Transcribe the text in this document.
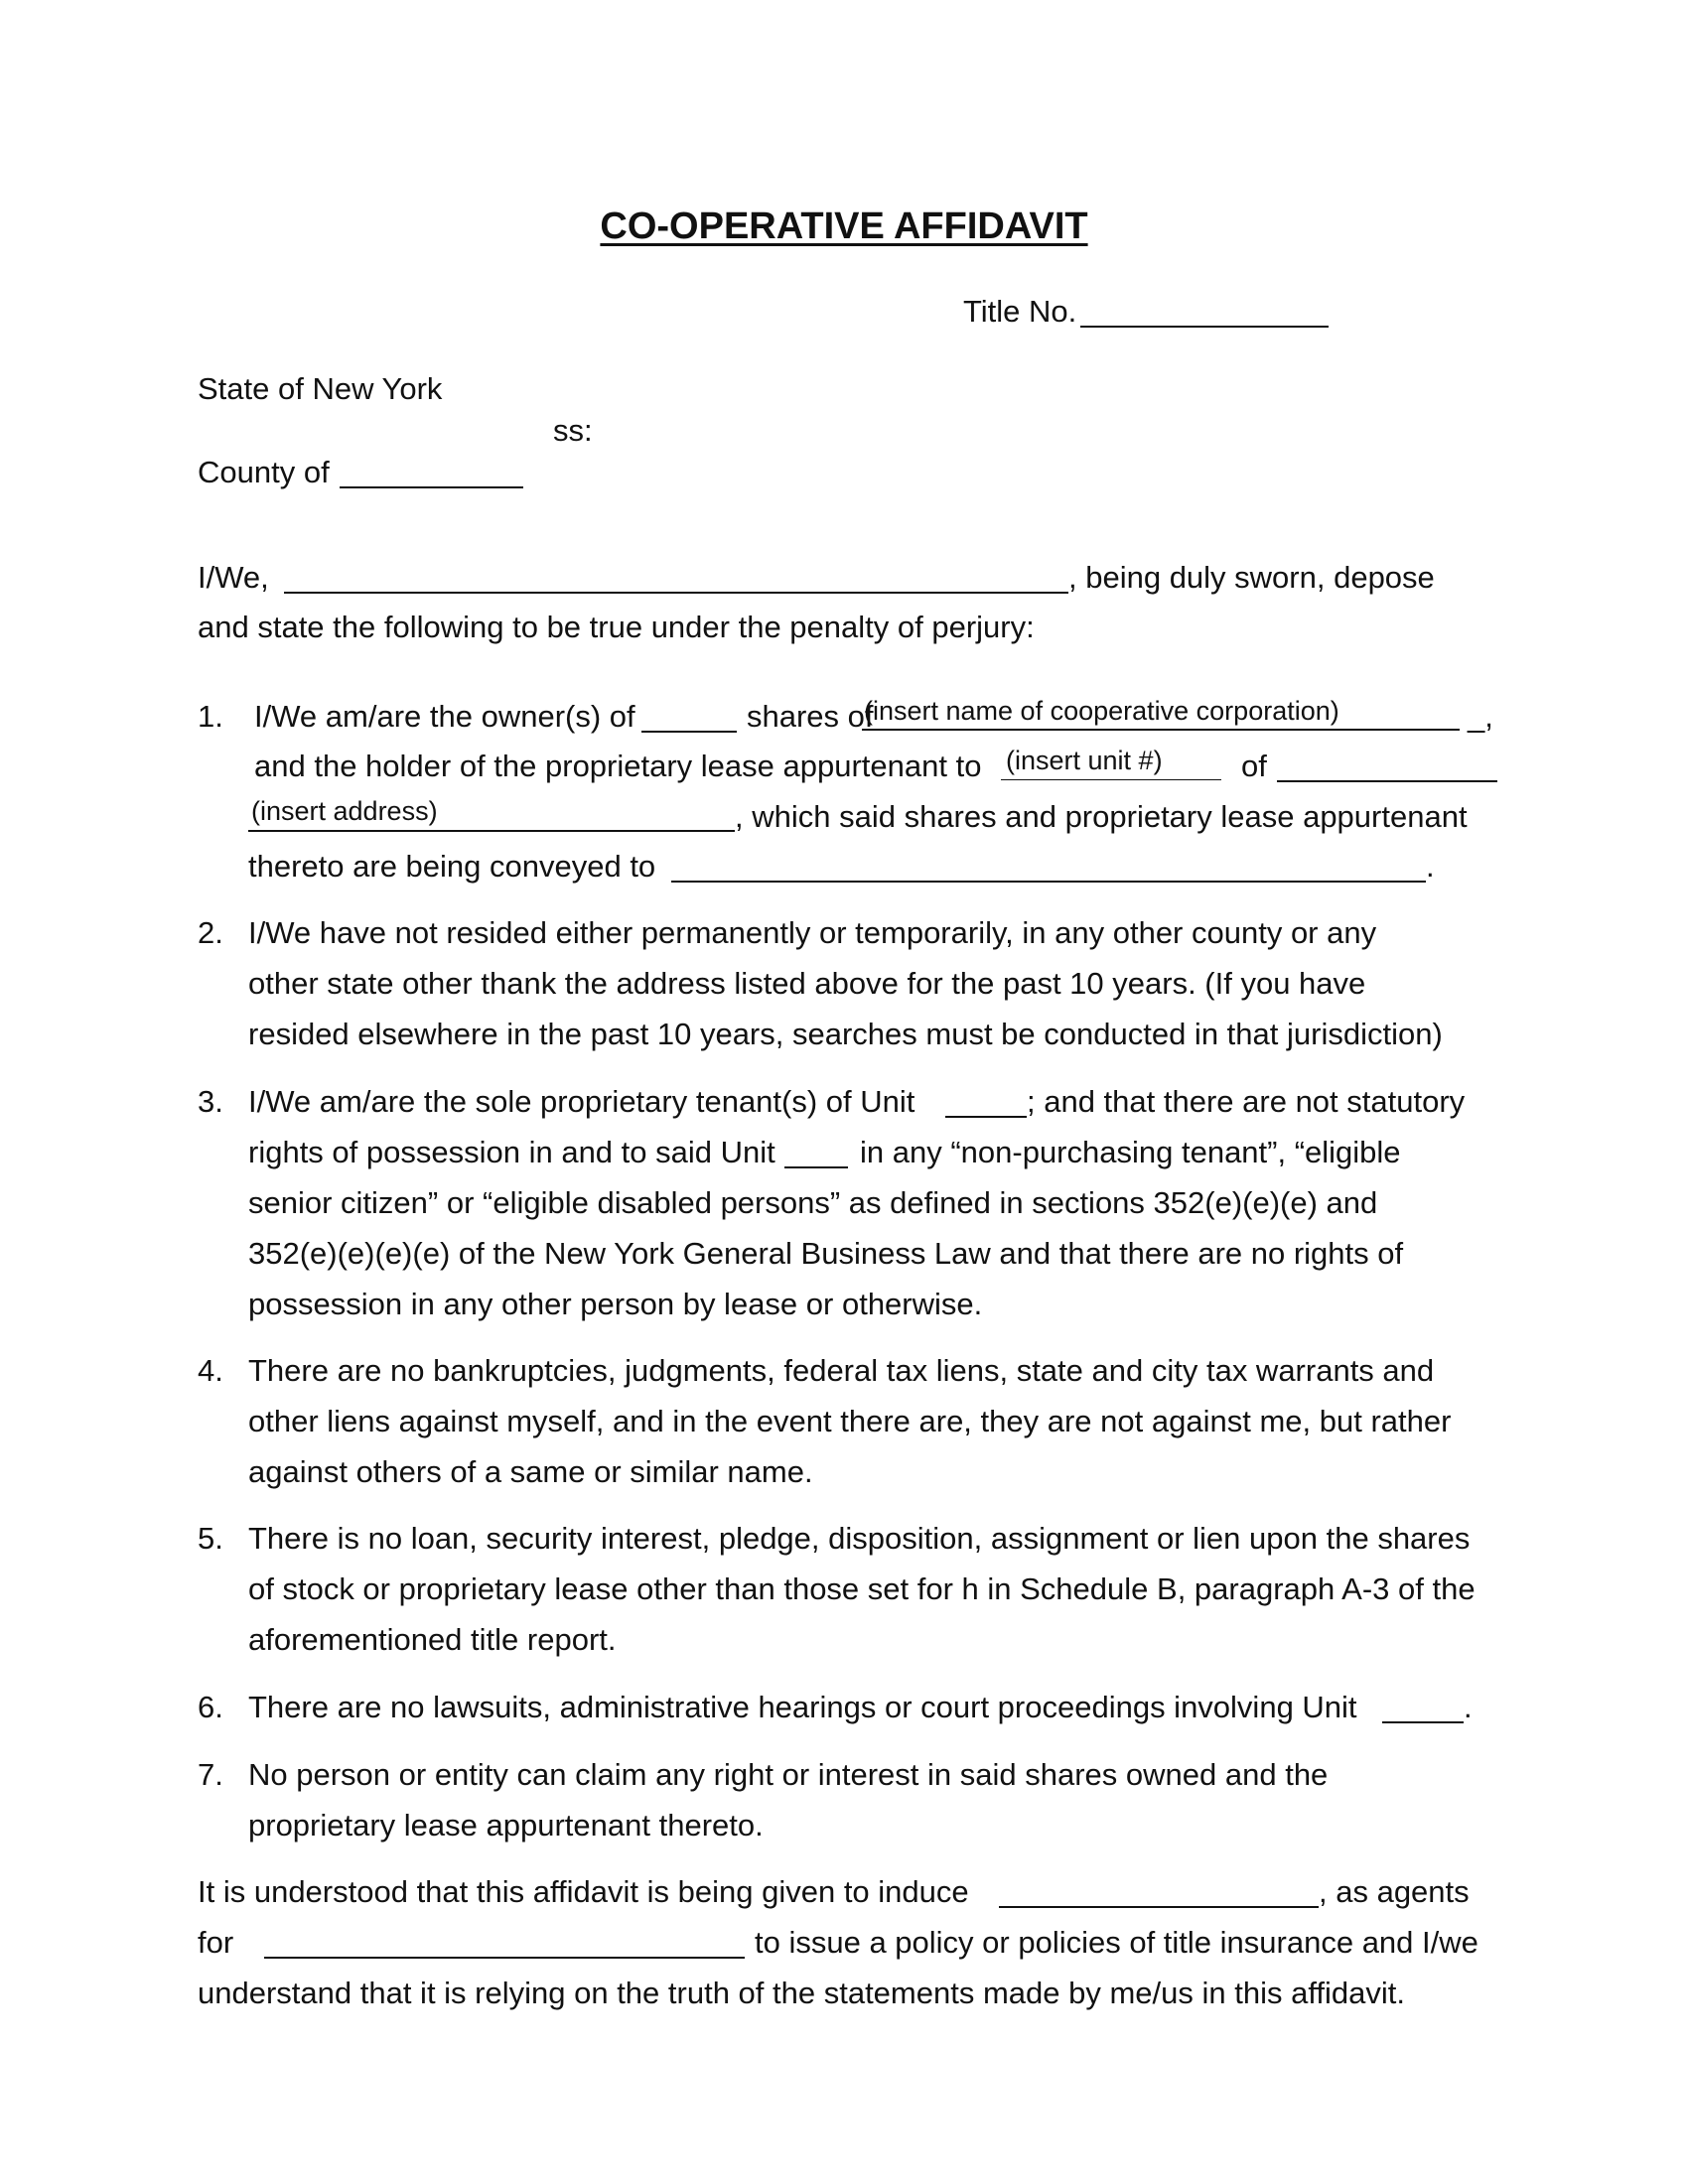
CO-OPERATIVE AFFIDAVIT
Title No.
State of New York
ss:
County of
I/We,	, being duly sworn, depose
and state the following to be true under the penalty of perjury:
1. I/We am/are the owner(s) of	shares of
(insert name of cooperative corporation)	_,
and the holder of the proprietary lease appurtenant to (insert unit #)	of
(insert address)	, which said shares and proprietary lease appurtenant
thereto are being conveyed to	.
2. I/We have not resided either permanently or temporarily, in any other county or any
other state other thank the address listed above for the past 10 years. (If you have
resided elsewhere in the past 10 years, searches must be conducted in that jurisdiction)
3. I/We am/are the sole proprietary tenant(s) of Unit	; and that there are not statutory
rights of possession in and to said Unit	in any “non-purchasing tenant”, “eligible
senior citizen” or “eligible disabled persons” as defined in sections 352(e)(e)(e) and
352(e)(e)(e)(e) of the New York General Business Law and that there are no rights of
possession in any other person by lease or otherwise.
4. There are no bankruptcies, judgments, federal tax liens, state and city tax warrants and
other liens against myself, and in the event there are, they are not against me, but rather
against others of a same or similar name.
5. There is no loan, security interest, pledge, disposition, assignment or lien upon the shares
of stock or proprietary lease other than those set for h in Schedule B, paragraph A-3 of the
aforementioned title report.
6. There are no lawsuits, administrative hearings or court proceedings involving Unit	.
7. No person or entity can claim any right or interest in said shares owned and the
proprietary lease appurtenant thereto.
It is understood that this affidavit is being given to induce	, as agents
for	to issue a policy or policies of title insurance and I/we
understand that it is relying on the truth of the statements made by me/us in this affidavit.
